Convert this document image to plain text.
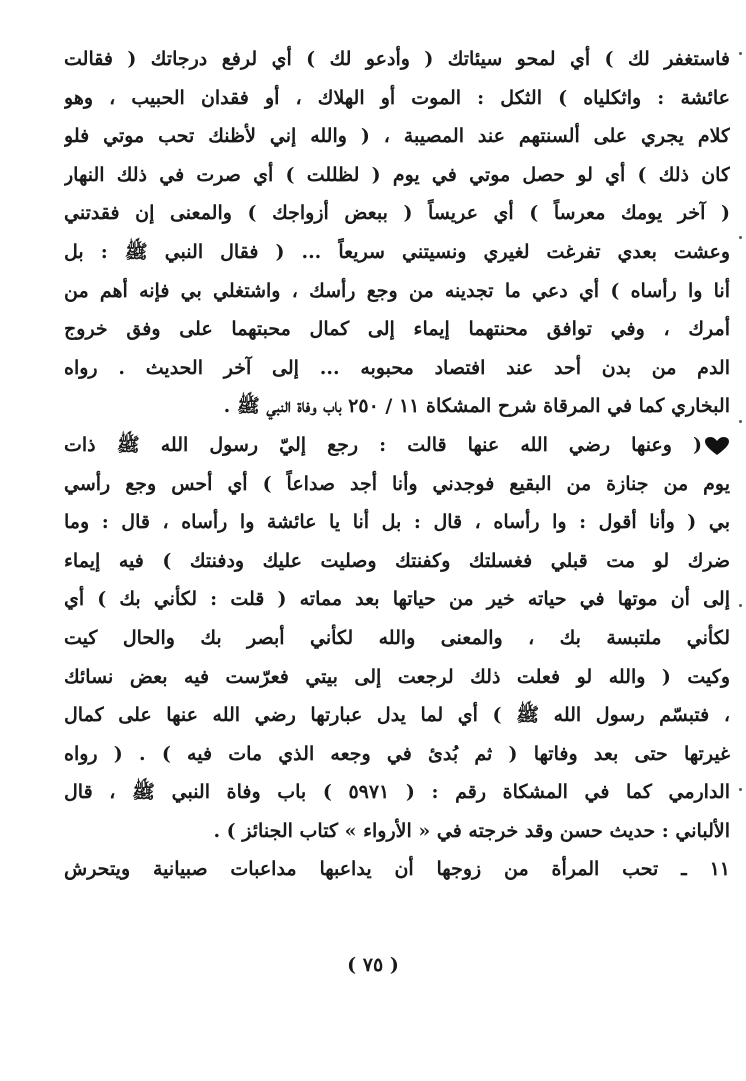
فاستغفر لك ) أي لمحو سيئاتك ( وأدعو لك ) أي لرفع درجاتك ( فقالت
عائشة : واثكلياه ) الثكل : الموت أو الهلاك ، أو فقدان الحبيب ، وهو
كلام يجري على ألسنتهم عند المصيبة ، ( والله إني لأظنك تحب موتي فلو
كان ذلك ) أي لو حصل موتي في يوم ( لظللت ) أي صرت في ذلك النهار
( آخر يومك معرساً ) أي عريساً ( ببعض أزواجك ) والمعنى إن فقدتني
وعشت بعدي تفرغت لغيري ونسيتني سريعاً ... ( فقال النبي ﷺ : بل
أنا وا رأساه ) أي دعي ما تجدينه من وجع رأسك ، واشتغلي بي فإنه أهم من
أمرك ، وفي توافق محنتهما إيماء إلى كمال محبتهما على وفق خروج
الدم من بدن أحد عند افتصاد محبوبه ... إلى آخر الحديث . رواه
البخاري كما في المرقاة شرح المشكاة ١١ / ٢٥٠ باب وفاة النبي ﷺ .
( وعنها رضي الله عنها قالت : رجع إليّ رسول الله ﷺ ذات
يوم من جنازة من البقيع فوجدني وأنا أجد صداعاً ) أي أحس وجع رأسي
بي ( وأنا أقول : وا رأساه ، قال : بل أنا يا عائشة وا رأساه ، قال : وما
ضرك لو مت قبلي فغسلتك وكفنتك وصليت عليك ودفنتك ) فيه إيماء
إلى أن موتها في حياته خير من حياتها بعد مماته ( قلت : لكأني بك ) أي
لكأني ملتبسة بك ، والمعنى والله لكأني أبصر بك والحال كيت
وكيت ( والله لو فعلت ذلك لرجعت إلى بيتي فعرّست فيه بعض نسائك
، فتبسّم رسول الله ﷺ ) أي لما يدل عبارتها رضي الله عنها على كمال
غيرتها حتى بعد وفاتها ( ثم بُدئ في وجعه الذي مات فيه ) . ( رواه
الدارمي كما في المشكاة رقم : ( ٥٩٧١ ) باب وفاة النبي ﷺ ، قال
الألباني : حديث حسن وقد خرجته في « الأرواء » كتاب الجنائز ) .
١١ ـ تحب المرأة من زوجها أن يداعبها مداعبات صبيانية ويتحرش
( ٧٥ )
